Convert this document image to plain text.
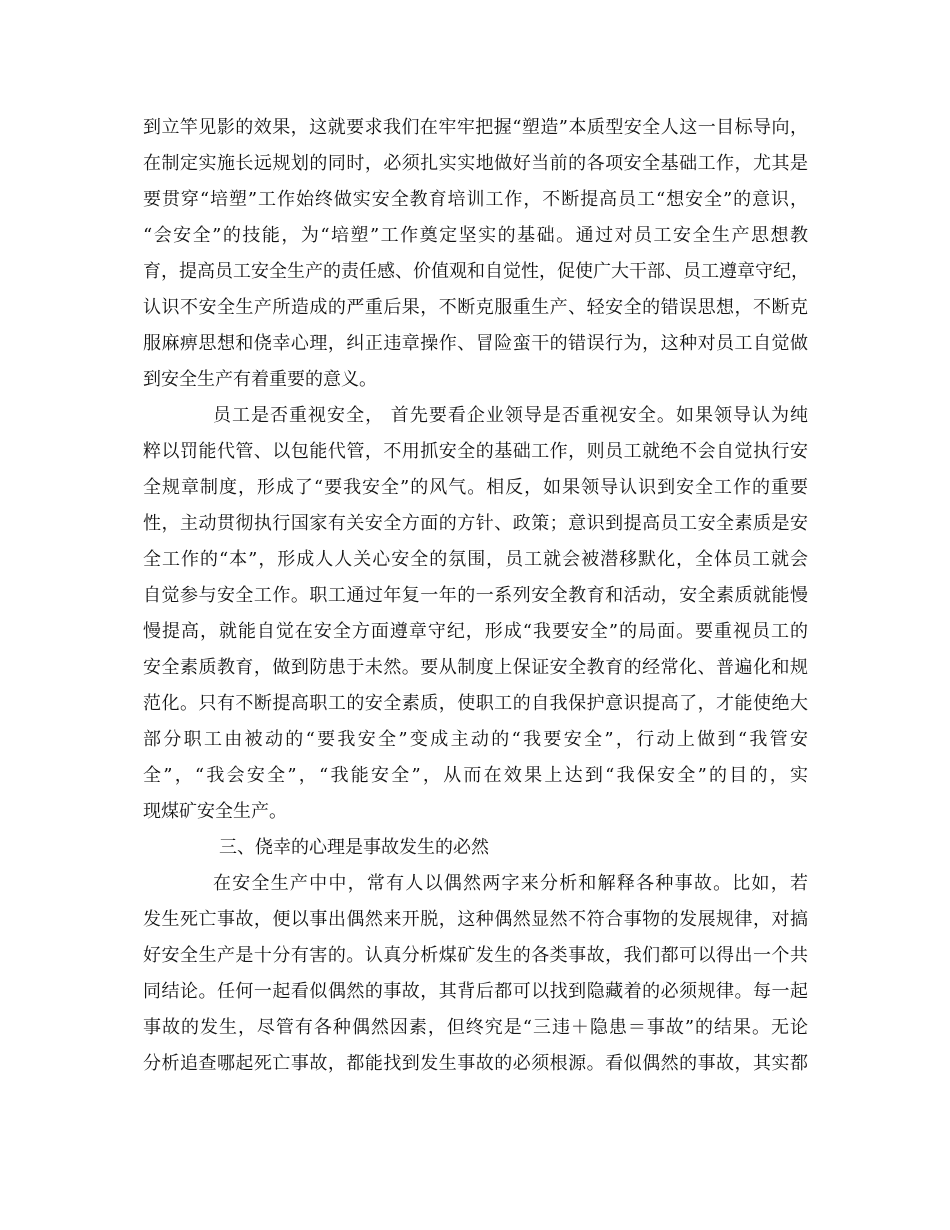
到立竿见影的效果，这就要求我们在牢牢把握“塑造”本质型安全人这一目标导向，
在制定实施长远规划的同时，必须扎实实地做好当前的各项安全基础工作，尤其是
要贯穿“培塑”工作始终做实安全教育培训工作，不断提高员工“想安全”的意识，
“会安全”的技能，为“培塑”工作奠定坚实的基础。通过对员工安全生产思想教
育，提高员工安全生产的责任感、价值观和自觉性，促使广大干部、员工遵章守纪，
认识不安全生产所造成的严重后果，不断克服重生产、轻安全的错误思想，不断克
服麻痹思想和侥幸心理，纠正违章操作、冒险蛮干的错误行为，这种对员工自觉做
到安全生产有着重要的意义。
员工是否重视安全， 首先要看企业领导是否重视安全。如果领导认为纯
粹以罚能代管、以包能代管，不用抓安全的基础工作，则员工就绝不会自觉执行安
全规章制度，形成了“要我安全”的风气。相反，如果领导认识到安全工作的重要
性，主动贯彻执行国家有关安全方面的方针、政策；意识到提高员工安全素质是安
全工作的“本”，形成人人关心安全的氛围，员工就会被潜移默化，全体员工就会
自觉参与安全工作。职工通过年复一年的一系列安全教育和活动，安全素质就能慢
慢提高，就能自觉在安全方面遵章守纪，形成“我要安全”的局面。要重视员工的
安全素质教育，做到防患于未然。要从制度上保证安全教育的经常化、普遍化和规
范化。只有不断提高职工的安全素质，使职工的自我保护意识提高了，才能使绝大
部分职工由被动的“要我安全”变成主动的“我要安全”，行动上做到“我管安
全”，“我会安全”，“我能安全”，从而在效果上达到“我保安全”的目的，实
现煤矿安全生产。
三、侥幸的心理是事故发生的必然
在安全生产中中，常有人以偶然两字来分析和解释各种事故。比如，若
发生死亡事故，便以事出偶然来开脱，这种偶然显然不符合事物的发展规律，对搞
好安全生产是十分有害的。认真分析煤矿发生的各类事故，我们都可以得出一个共
同结论。任何一起看似偶然的事故，其背后都可以找到隐藏着的必须规律。每一起
事故的发生，尽管有各种偶然因素，但终究是“三违＋隐患＝事故”的结果。无论
分析追查哪起死亡事故，都能找到发生事故的必须根源。看似偶然的事故，其实都
